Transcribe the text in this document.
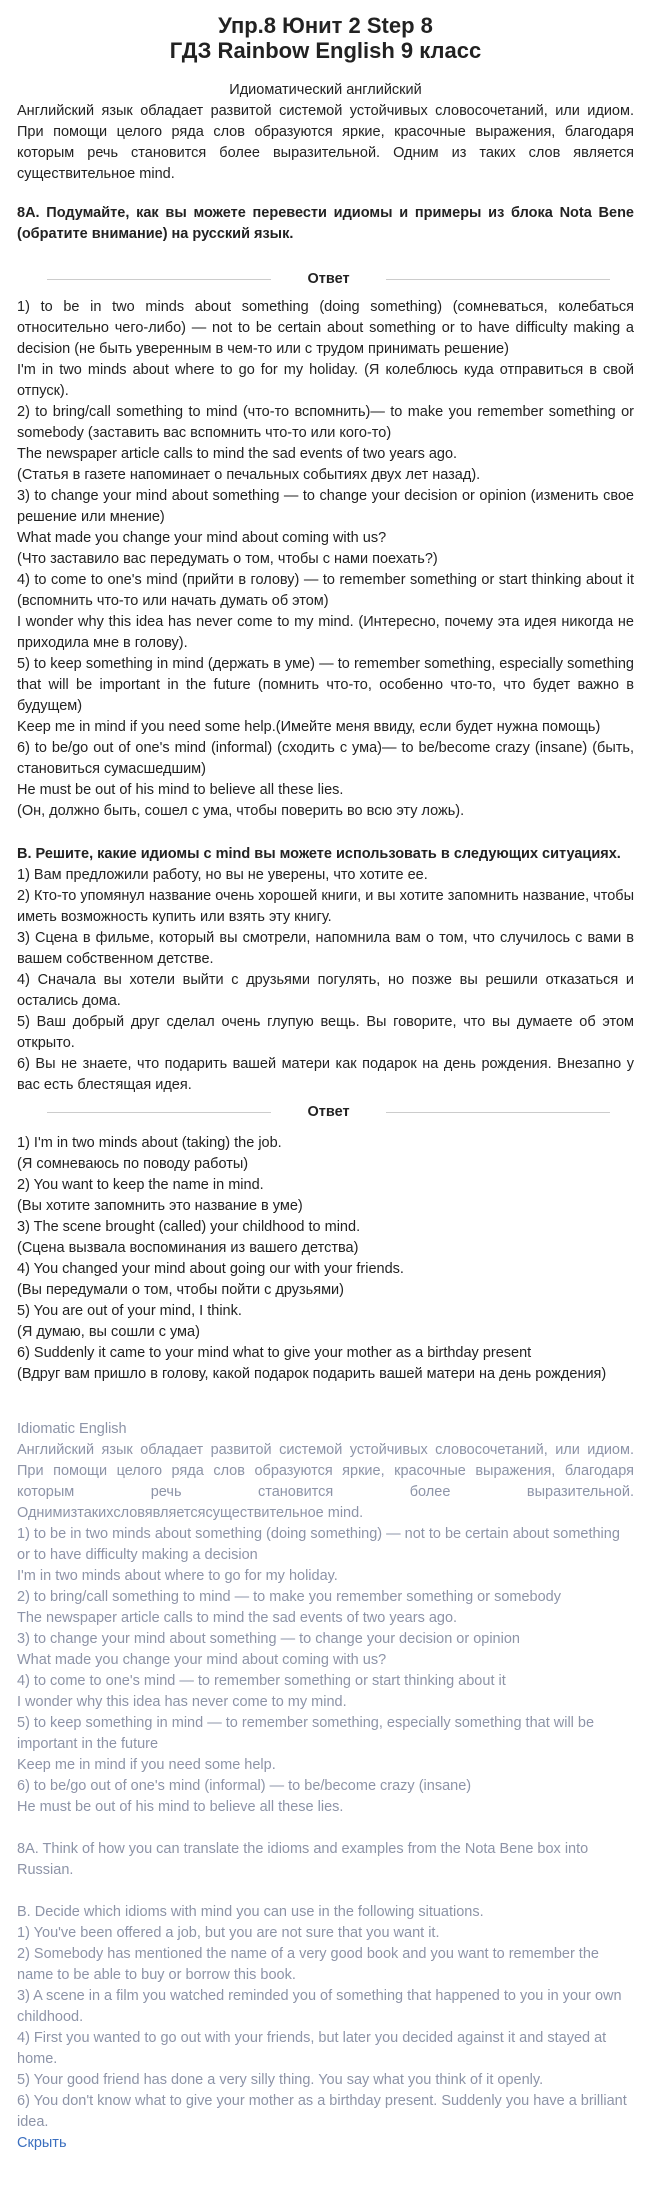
Упр.8 Юнит 2 Step 8
ГДЗ Rainbow English 9 класс
Идиоматический английский

Английский язык обладает развитой системой устойчивых словосочетаний, или идиом. При помощи целого ряда слов образуются яркие, красочные выражения, благодаря которым речь становится более выразительной. Одним из таких слов является существительное mind.

8А. Подумайте, как вы можете перевести идиомы и примеры из блока Nota Bene (обратите внимание) на русский язык.

Ответ

1) to be in two minds about something (doing something) (сомневаться, колебаться относительно чего-либо) — not to be certain about something or to have difficulty making a decision (не быть уверенным в чем-то или с трудом принимать решение)

I'm in two minds about where to go for my holiday. (Я колеблюсь куда отправиться в свой отпуск).

2) to bring/call something to mind (что-то вспомнить)— to make you remember something or somebody (заставить вас вспомнить что-то или кого-то)

The newspaper article calls to mind the sad events of two years ago.

(Статья в газете напоминает о печальных событиях двух лет назад).

3) to change your mind about something — to change your decision or opinion (изменить свое решение или мнение)

What made you change your mind about coming with us?

(Что заставило вас передумать о том, чтобы с нами поехать?)

4) to come to one's mind (прийти в голову) — to remember something or start thinking about it (вспомнить что-то или начать думать об этом)

I wonder why this idea has never come to my mind. (Интересно, почему эта идея никогда не приходила мне в голову).

5) to keep something in mind (держать в уме) — to remember something, especially something that will be important in the future (помнить что-то, особенно что-то, что будет важно в будущем)

Keep me in mind if you need some help.(Имейте меня ввиду, если будет нужна помощь)

6) to be/go out of one's mind (informal) (сходить с ума)— to be/become crazy (insane) (быть, становиться сумасшедшим)

He must be out of his mind to believe all these lies.

(Он, должно быть, сошел с ума, чтобы поверить во всю эту ложь).

В. Решите, какие идиомы с mind вы можете использовать в следующих ситуациях.

1) Вам предложили работу, но вы не уверены, что хотите ее.

2) Кто-то упомянул название очень хорошей книги, и вы хотите запомнить название, чтобы иметь возможность купить или взять эту книгу.

3) Сцена в фильме, который вы смотрели, напомнила вам о том, что случилось с вами в вашем собственном детстве.

4) Сначала вы хотели выйти с друзьями погулять, но позже вы решили отказаться и остались дома.

5) Ваш добрый друг сделал очень глупую вещь. Вы говорите, что вы думаете об этом открыто.

6) Вы не знаете, что подарить вашей матери как подарок на день рождения. Внезапно у вас есть блестящая идея.

Ответ

1) I'm in two minds about (taking) the job.

(Я сомневаюсь по поводу работы)

2) You want to keep the name in mind.

(Вы хотите запомнить это название в уме)

3) The scene brought (called) your childhood to mind.

(Сцена вызвала воспоминания из вашего детства)

4) You changed your mind about going our with your friends.

(Вы передумали о том, чтобы пойти с друзьями)

5) You are out of your mind, I think.

(Я думаю, вы сошли с ума)

6) Suddenly it came to your mind what to give your mother as a birthday present

(Вдруг вам пришло в голову, какой подарок подарить вашей матери на день рождения)

Idiomatic English

Английский язык обладает развитой системой устойчивых словосочетаний, или идиом. При помощи целого ряда слов образуются яркие, красочные выражения, благодаря которым речь становится более выразительной. Однимизтакихсловявляетсясуществительное mind.

1) to be in two minds about something (doing something) — not to be certain about something or to have difficulty making a decision

I'm in two minds about where to go for my holiday.

2) to bring/call something to mind — to make you remember something or somebody

The newspaper article calls to mind the sad events of two years ago.

3) to change your mind about something — to change your decision or opinion

What made you change your mind about coming with us?

4) to come to one's mind — to remember something or start thinking about it

I wonder why this idea has never come to my mind.

5) to keep something in mind — to remember something, especially something that will be important in the future

Keep me in mind if you need some help.

6) to be/go out of one's mind (informal) — to be/become crazy (insane)

He must be out of his mind to believe all these lies.

8A. Think of how you can translate the idioms and examples from the Nota Bene box into Russian.

B. Decide which idioms with mind you can use in the following situations.

1) You've been offered a job, but you are not sure that you want it.

2) Somebody has mentioned the name of a very good book and you want to remember the name to be able to buy or borrow this book.

3) A scene in a film you watched reminded you of something that happened to you in your own childhood.

4) First you wanted to go out with your friends, but later you decided against it and stayed at home.

5) Your good friend has done a very silly thing. You say what you think of it openly.

6) You don't know what to give your mother as a birthday present. Suddenly you have a brilliant idea.

Скрыть
